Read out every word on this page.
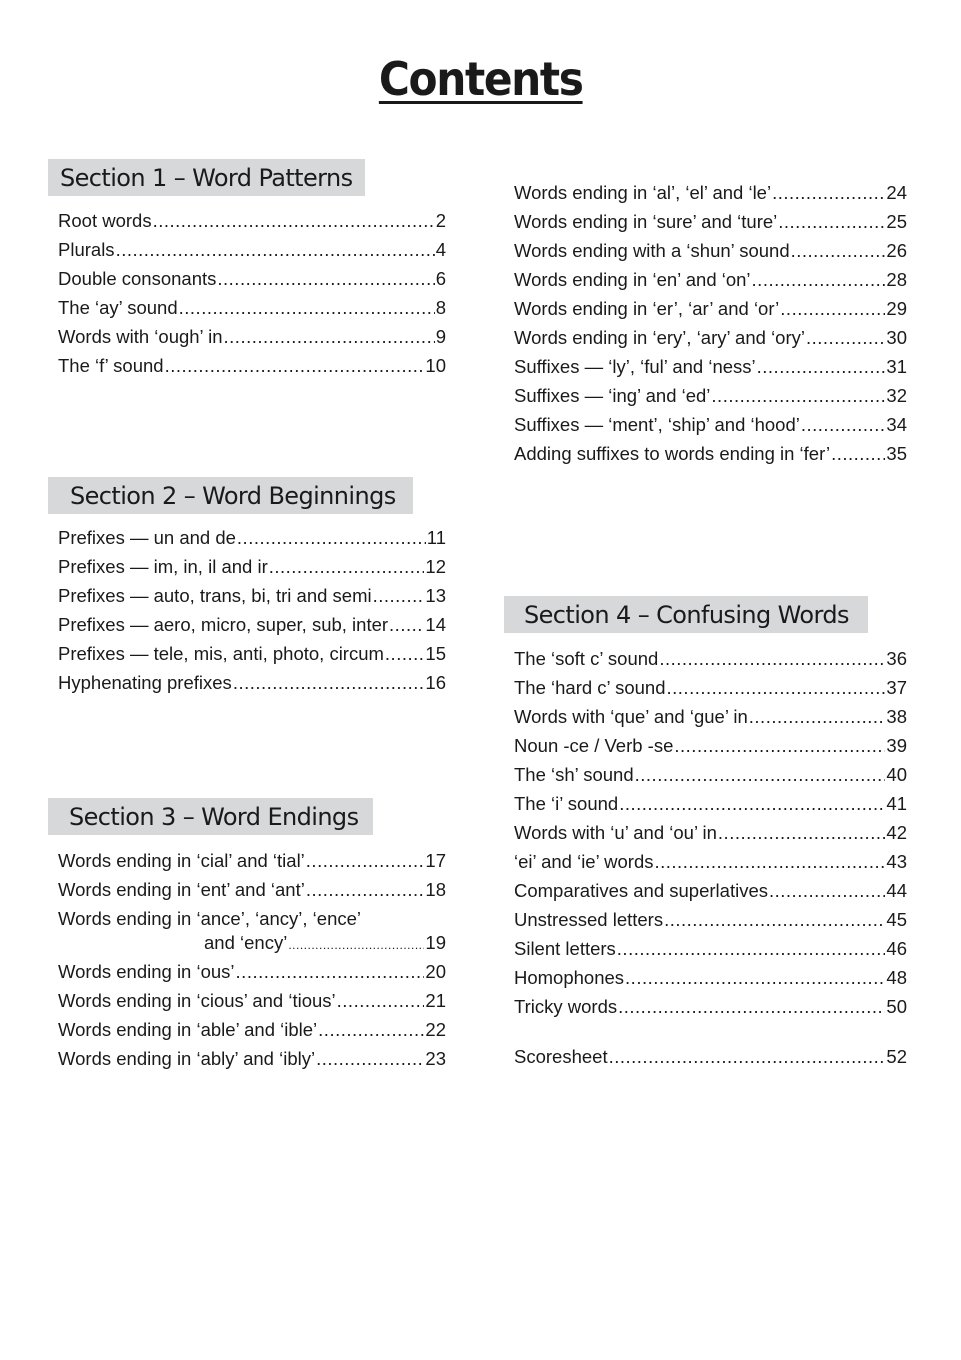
Contents
Section 1 – Word Patterns
Root words .....	2
Plurals .....	4
Double consonants .....	6
The ‘ay’ sound .....	8
Words with ‘ough’ in .....	9
The ‘f’ sound .....	10
Words ending in ‘al’, ‘el’ and ‘le’ .....	24
Words ending in ‘sure’ and ‘ture’ .....	25
Words ending with a ‘shun’ sound .....	26
Words ending in ‘en’ and ‘on’ .....	28
Words ending in ‘er’, ‘ar’ and ‘or’ .....	29
Words ending in ‘ery’, ‘ary’ and ‘ory’ .....	30
Suffixes — ‘ly’, ‘ful’ and ‘ness’ .....	31
Suffixes — ‘ing’ and ‘ed’ .....	32
Suffixes — ‘ment’, ‘ship’ and ‘hood’ .....	34
Adding suffixes to words ending in ‘fer’ .....	35
Section 2 – Word Beginnings
Prefixes — un and de .....	11
Prefixes — im, in, il and ir .....	12
Prefixes — auto, trans, bi, tri and semi .....	13
Prefixes — aero, micro, super, sub, inter ..... 14
Prefixes — tele, mis, anti, photo, circum ..... 15
Hyphenating prefixes .....	16
Section 3 – Word Endings
Words ending in ‘cial’ and ‘tial’ .....	17
Words ending in ‘ent’ and ‘ant’ .....	18
Words ending in ‘ance’, ‘ancy’, ‘ence’
and ‘ency’ .....	19
Words ending in ‘ous’ .....	20
Words ending in ‘cious’ and ‘tious’ .....	21
Words ending in ‘able’ and ‘ible’ .....	22
Words ending in ‘ably’ and ‘ibly’ .....	23
Section 4 – Confusing Words
The ‘soft c’ sound .....	36
The ‘hard c’ sound .....	37
Words with ‘que’ and ‘gue’ in .....	38
Noun -ce / Verb -se .....	39
The ‘sh’ sound .....	40
The ‘i’ sound .....	41
Words with ‘u’ and ‘ou’ in .....	42
‘ei’ and ‘ie’ words .....	43
Comparatives and superlatives .....	44
Unstressed letters .....	45
Silent letters .....	46
Homophones .....	48
Tricky words .....	50
Scoresheet .....	52
